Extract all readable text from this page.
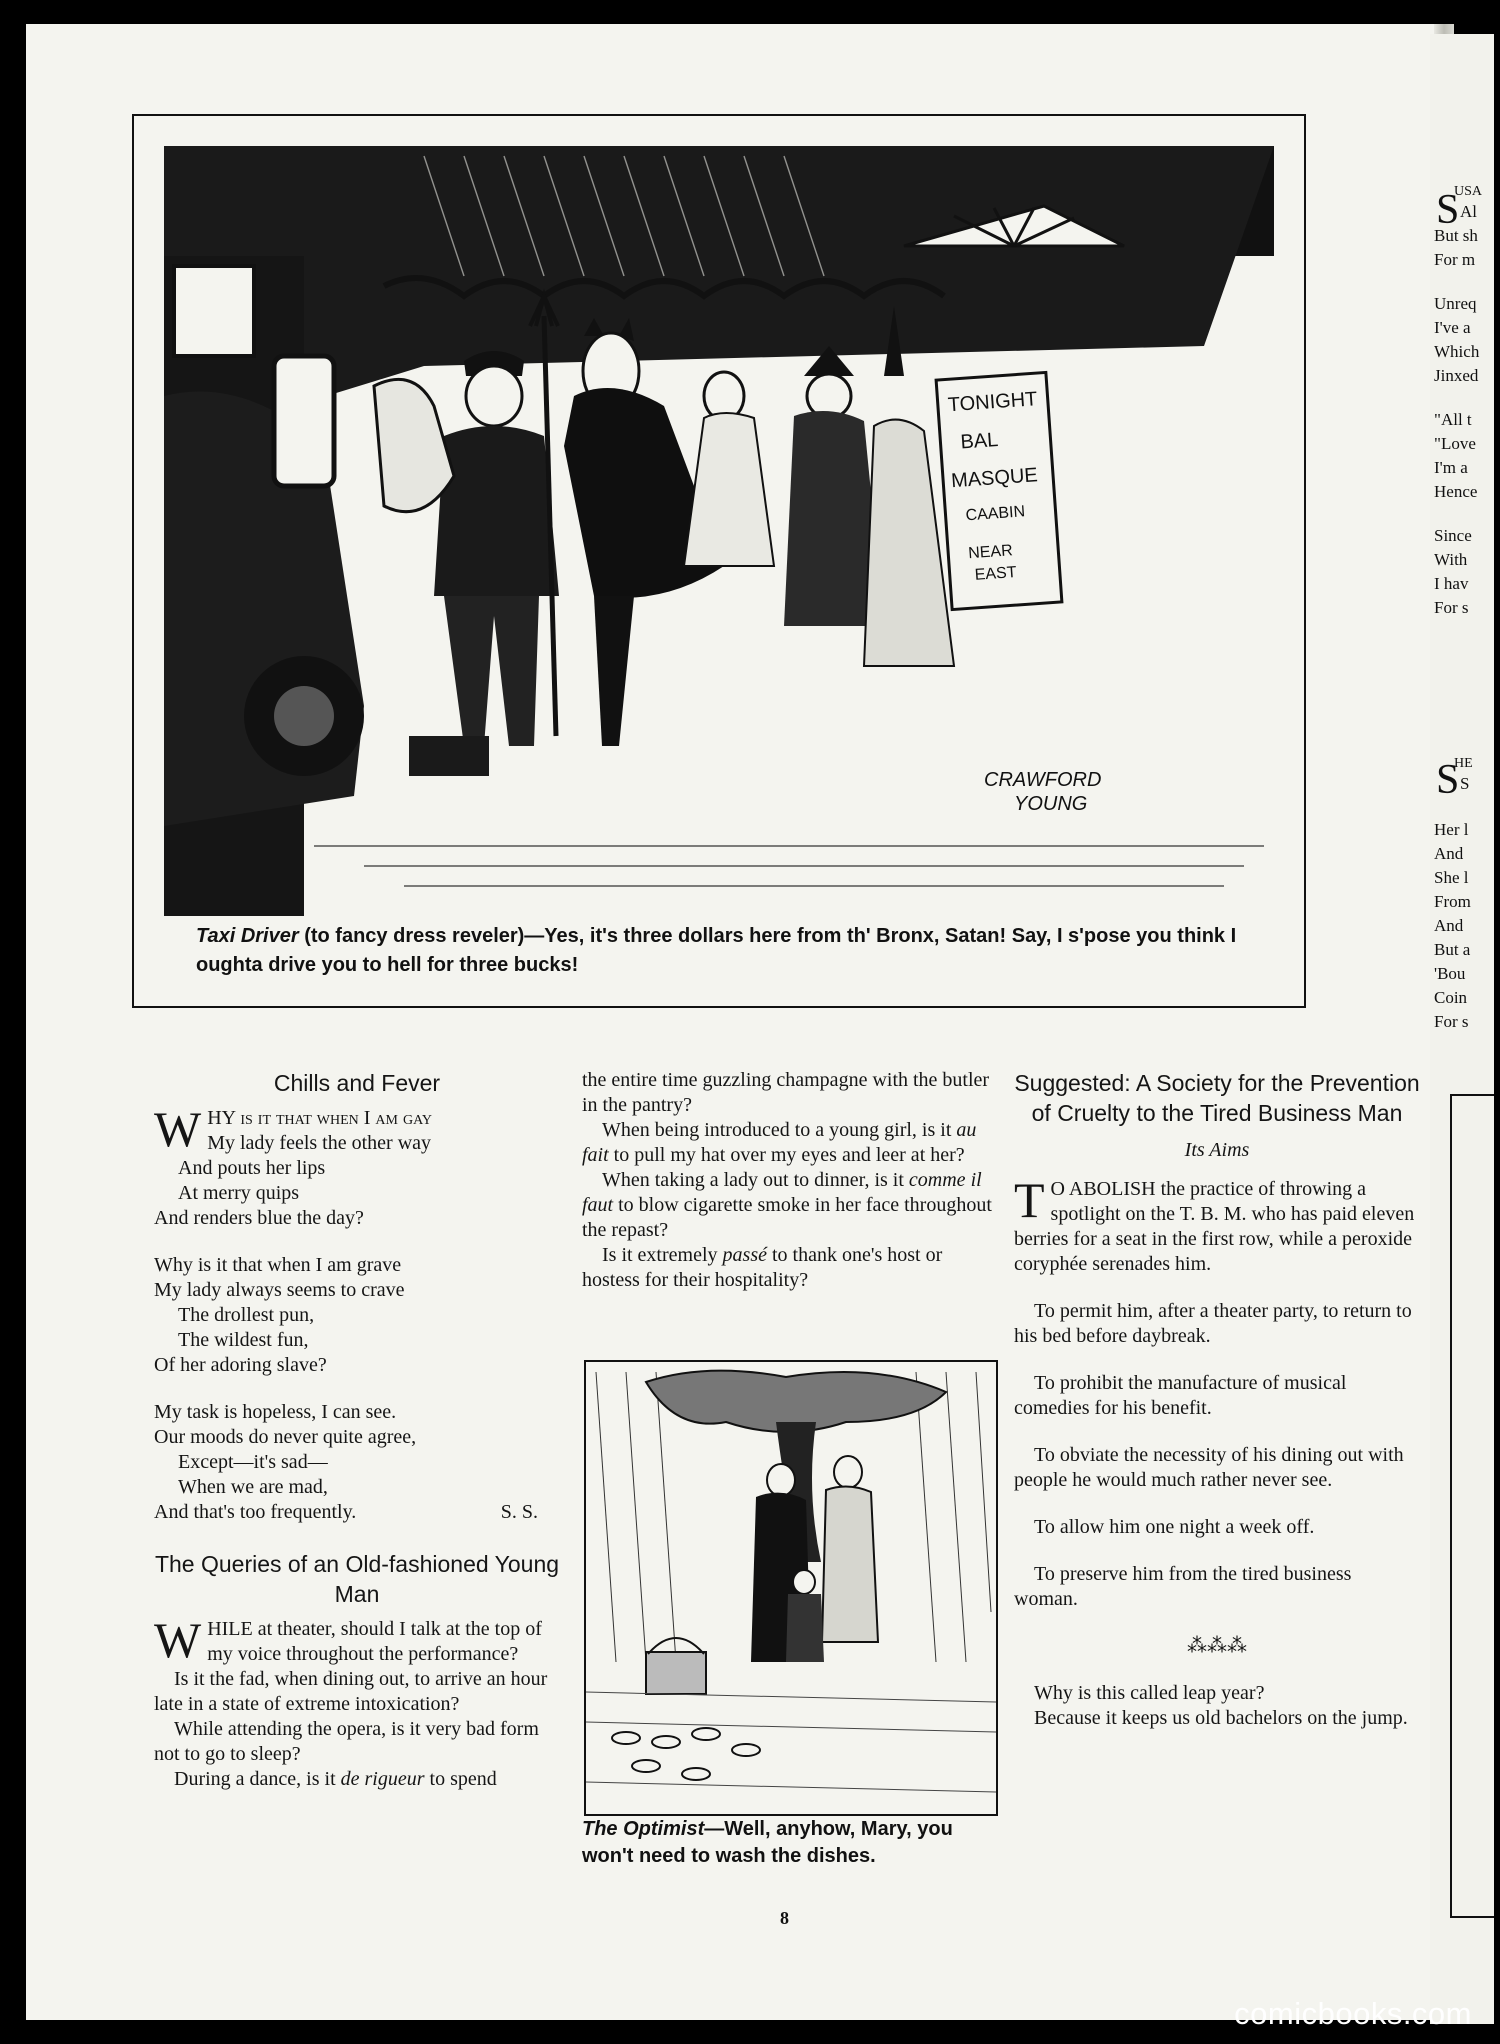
TONIGHT
BAL
MASQUE
CAABIN
NEAR
EAST
CRAWFORD
YOUNG
Taxi Driver (to fancy dress reveler)—Yes, it's three dollars here from th' Bronx, Satan! Say, I s'pose you think I oughta drive you to hell for three bucks!
Chills and Fever
W HY is it that when I am gay
My lady feels the other way
And pouts her lips
At merry quips
And renders blue the day?
Why is it that when I am grave
My lady always seems to crave
The drollest pun,
The wildest fun,
Of her adoring slave?
My task is hopeless, I can see.
Our moods do never quite agree,
Except—it's sad—
When we are mad,
And that's too frequently.	S. S.
The Queries of an Old-fashioned Young Man
W HILE at theater, should I talk at the top of my voice throughout the performance?

Is it the fad, when dining out, to arrive an hour late in a state of extreme intoxication?

While attending the opera, is it very bad form not to go to sleep?

During a dance, is it de rigueur to spend

the entire time guzzling champagne with the butler in the pantry?

When being introduced to a young girl, is it au fait to pull my hat over my eyes and leer at her?

When taking a lady out to dinner, is it comme il faut to blow cigarette smoke in her face throughout the repast?

Is it extremely passé to thank one's host or hostess for their hospitality?

The Optimist—Well, anyhow, Mary, you won't need to wash the dishes.
Suggested: A Society for the Prevention of Cruelty to the Tired Business Man
Its Aims
T O ABOLISH the practice of throwing a spotlight on the T. B. M. who has paid eleven berries for a seat in the first row, while a peroxide coryphée serenades him.

To permit him, after a theater party, to return to his bed before daybreak.

To prohibit the manufacture of musical comedies for his benefit.

To obviate the necessity of his dining out with people he would much rather never see.

To allow him one night a week off.

To preserve him from the tired business woman.

⁂⁂⁂

Why is this called leap year?

Because it keeps us old bachelors on the jump.

8
S
USA
Al
But sh
For m
Unreq
I've a
Which
Jinxed
"All t
"Love
I'm a
Hence
Since
With
I hav
For s
S
HE
S
Her l
And
She l
From
And
But a
'Bou
Coin
For s
comicbooks.com
